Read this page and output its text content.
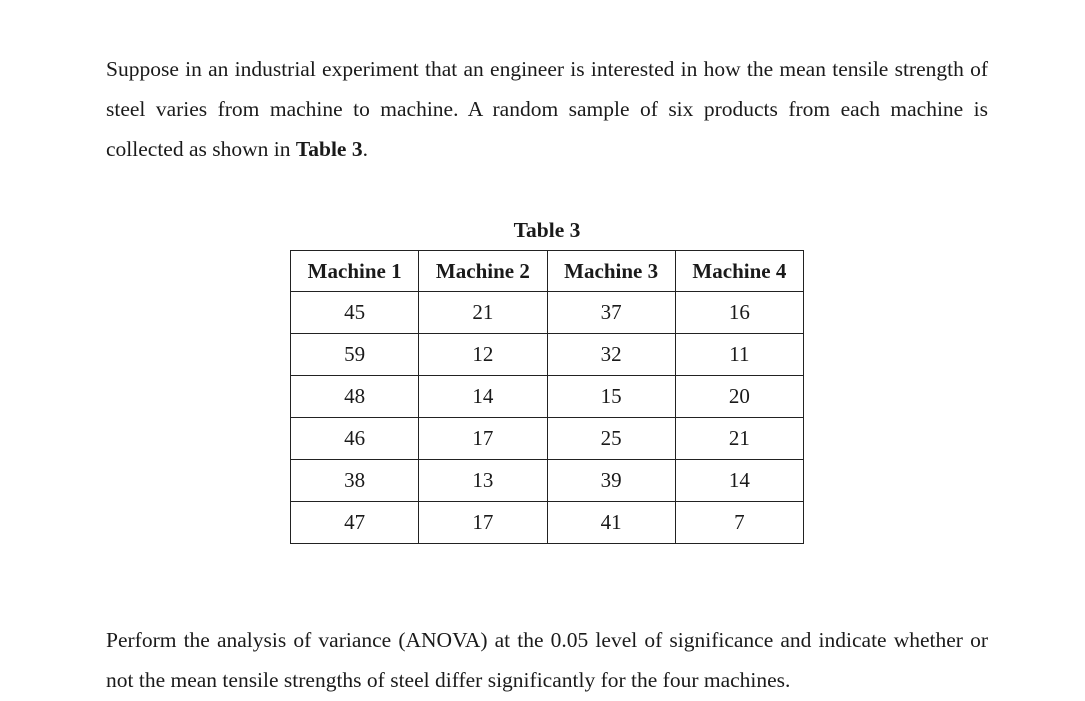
Suppose in an industrial experiment that an engineer is interested in how the mean tensile strength of steel varies from machine to machine. A random sample of six products from each machine is collected as shown in Table 3.

Table 3
Machine 1	Machine 2	Machine 3	Machine 4
45	21	37	16
59	12	32	11
48	14	15	20
46	17	25	21
38	13	39	14
47	17	41	7

Perform the analysis of variance (ANOVA) at the 0.05 level of significance and indicate whether or not the mean tensile strengths of steel differ significantly for the four machines.
